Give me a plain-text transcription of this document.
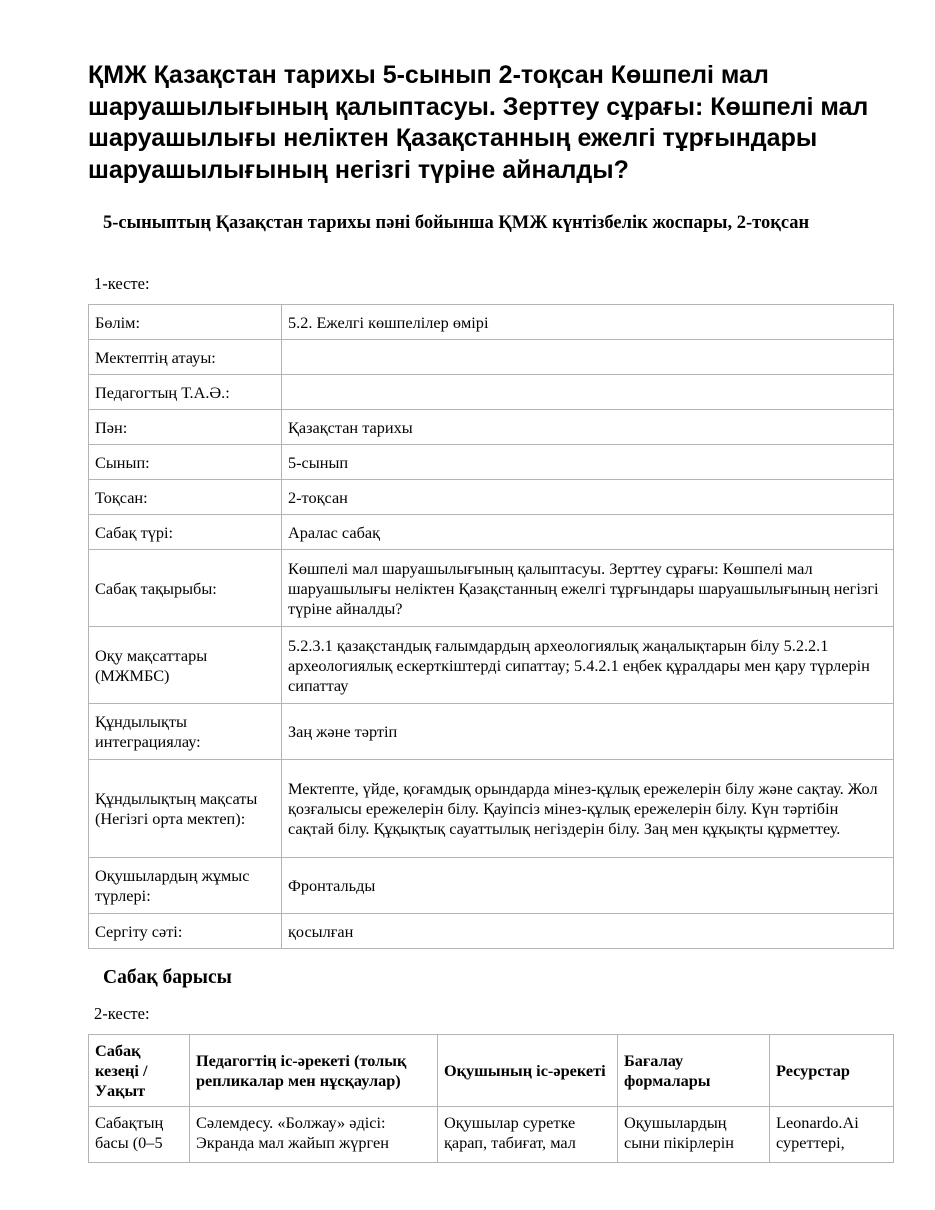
ҚМЖ Қазақстан тарихы 5-сынып 2-тоқсан Көшпелі мал шаруашылығының қалыптасуы. Зерттеу сұрағы: Көшпелі мал шаруашылығы неліктен Қазақстанның ежелгі тұрғындары шаруашылығының негізгі түріне айналды?
5-сыныптың Қазақстан тарихы пәні бойынша ҚМЖ күнтізбелік жоспары, 2-тоқсан
1-кесте:
Бөлім:	5.2. Ежелгі көшпелілер өмірі
Мектептің атауы:	
Педагогтың Т.А.Ә.:	
Пән:	Қазақстан тарихы
Сынып:	5-сынып
Тоқсан:	2-тоқсан
Сабақ түрі:	Аралас сабақ
Сабақ тақырыбы:	Көшпелі мал шаруашылығының қалыптасуы. Зерттеу сұрағы: Көшпелі мал шаруашылығы неліктен Қазақстанның ежелгі тұрғындары шаруашылығының негізгі түріне айналды?
Оқу мақсаттары (МЖМБС)	5.2.3.1 қазақстандық ғалымдардың археологиялық жаңалықтарын білу 5.2.2.1 археологиялық ескерткіштерді сипаттау; 5.4.2.1 еңбек құралдары мен қару түрлерін сипаттау
Құндылықты интеграциялау:	Заң және тәртіп
Құндылықтың мақсаты (Негізгі орта мектеп):	Мектепте, үйде, қоғамдық орындарда мінез-құлық ережелерін білу және сақтау. Жол қозғалысы ережелерін білу. Қауіпсіз мінез-құлық ережелерін білу. Күн тәртібін сақтай білу. Құқықтық сауаттылық негіздерін білу. Заң мен құқықты құрметтеу.
Оқушылардың жұмыс түрлері:	Фронтальды
Сергіту сәті:	қосылған
Сабақ барысы
2-кесте:
Сабақ кезеңі / Уақыт	Педагогтің іс-әрекеті (толық репликалар мен нұсқаулар)	Оқушының іс-әрекеті	Бағалау формалары	Ресурстар
Сабақтың басы (0–5	Сәлемдесу. «Болжау» әдісі: Экранда мал жайып жүрген	Оқушылар суретке қарап, табиғат, мал	Оқушылардың сыни пікірлерін	Leonardo.Ai суреттері,
